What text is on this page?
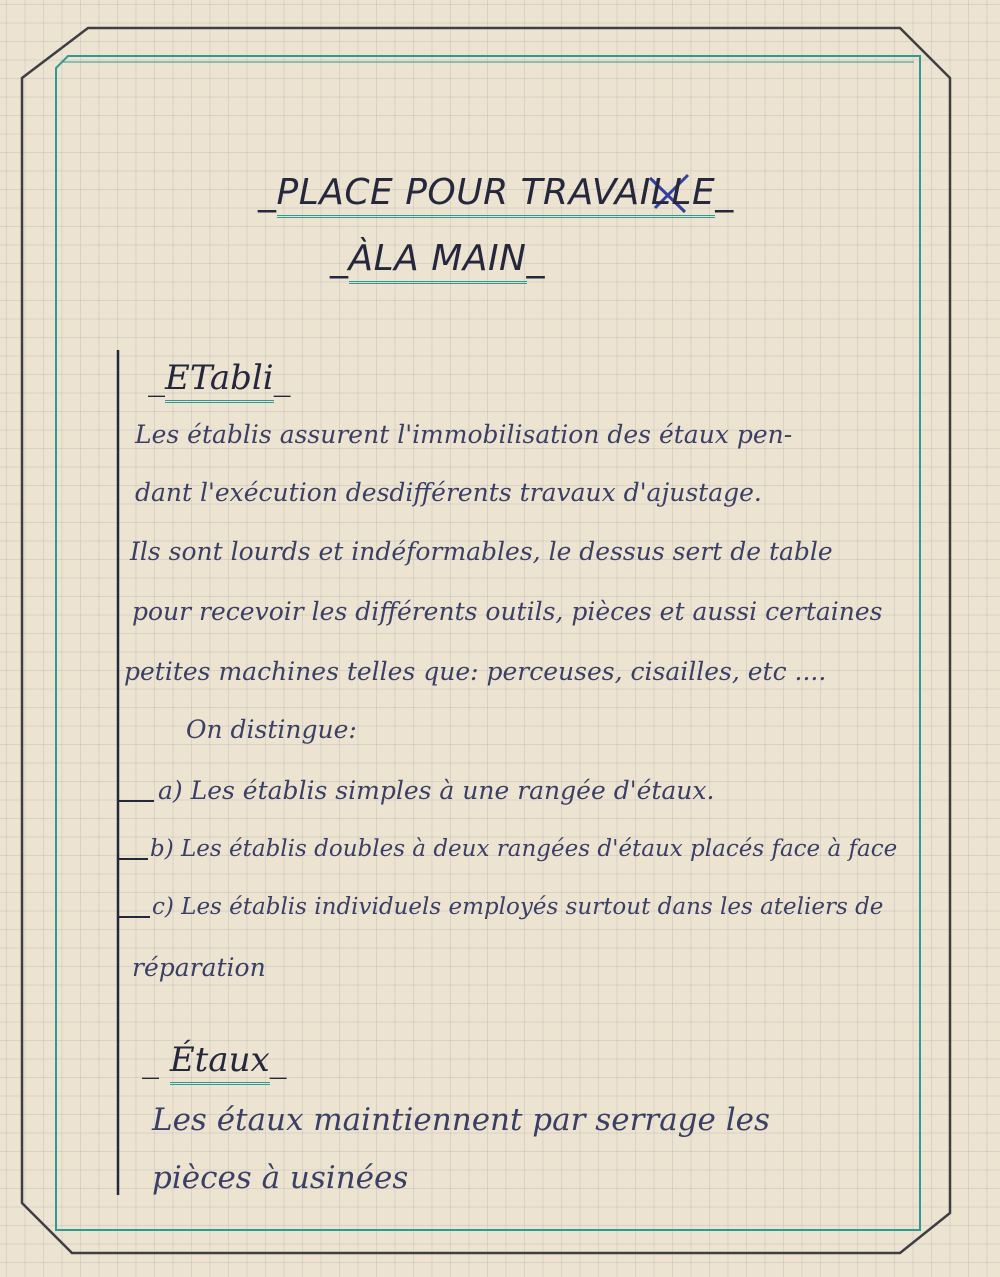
_PLACE POUR TRAVAILLE_
_ÀLA MAIN_
_ETabli_

Les établis assurent l'immobilisation des étaux pen-

dant l'exécution desdifférents travaux d'ajustage.

Ils sont lourds et indéformables, le dessus sert de table

pour recevoir les différents outils, pièces et aussi certaines

petites machines telles que: perceuses, cisailles, etc ....

On distingue:

a) Les établis simples à une rangée d'étaux.

b) Les établis doubles à deux rangées d'étaux placés face à face

c) Les établis individuels employés surtout dans les ateliers de

réparation

_ Étaux_

Les étaux maintiennent par serrage les

pièces à usinées
